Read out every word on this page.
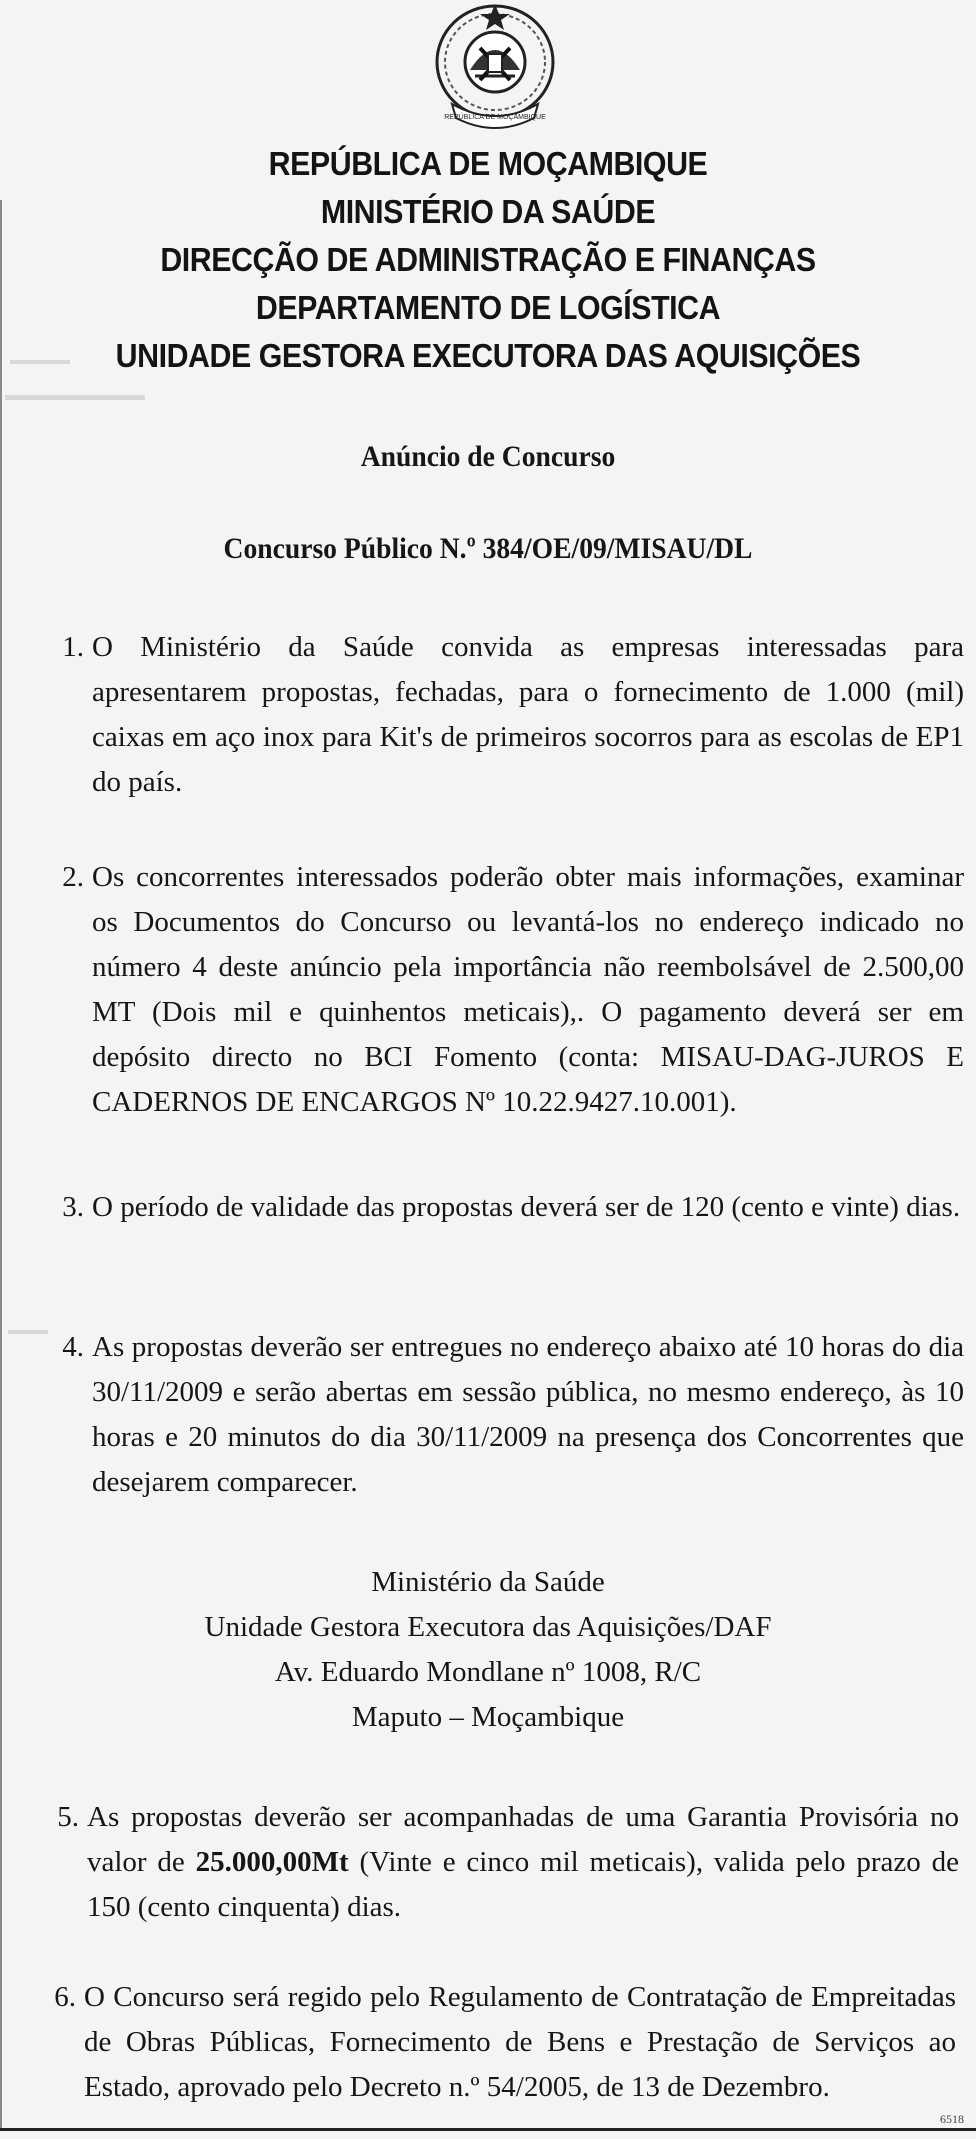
REPÚBLICA DE MOÇAMBIQUE
REPÚBLICA DE MOÇAMBIQUE
MINISTÉRIO DA SAÚDE
DIRECÇÃO DE ADMINISTRAÇÃO E FINANÇAS
DEPARTAMENTO DE LOGÍSTICA
UNIDADE GESTORA EXECUTORA DAS AQUISIÇÕES
Anúncio de Concurso
Concurso Público N.º 384/OE/09/MISAU/DL
1. O Ministério da Saúde convida as empresas interessadas para apresentarem propostas, fechadas, para o fornecimento de 1.000 (mil) caixas em aço inox para Kit's de primeiros socorros para as escolas de EP1 do país.
2. Os concorrentes interessados poderão obter mais informações, examinar os Documentos do Concurso ou levantá-los no endereço indicado no número 4 deste anúncio pela importância não reembolsável de 2.500,00 MT (Dois mil e quinhentos meticais),. O pagamento deverá ser em depósito directo no BCI Fomento (conta: MISAU-DAG-JUROS E CADERNOS DE ENCARGOS Nº 10.22.9427.10.001).
3. O período de validade das propostas deverá ser de 120 (cento e vinte) dias.
4. As propostas deverão ser entregues no endereço abaixo até 10 horas do dia 30/11/2009 e serão abertas em sessão pública, no mesmo endereço, às 10 horas e 20 minutos do dia 30/11/2009 na presença dos Concorrentes que desejarem comparecer.
Ministério da Saúde
Unidade Gestora Executora das Aquisições/DAF
Av. Eduardo Mondlane nº 1008, R/C
Maputo – Moçambique
5. As propostas deverão ser acompanhadas de uma Garantia Provisória no valor de 25.000,00Mt (Vinte e cinco mil meticais), valida pelo prazo de 150 (cento cinquenta) dias.
6. O Concurso será regido pelo Regulamento de Contratação de Empreitadas de Obras Públicas, Fornecimento de Bens e Prestação de Serviços ao Estado, aprovado pelo Decreto n.º 54/2005, de 13 de Dezembro.
6518
